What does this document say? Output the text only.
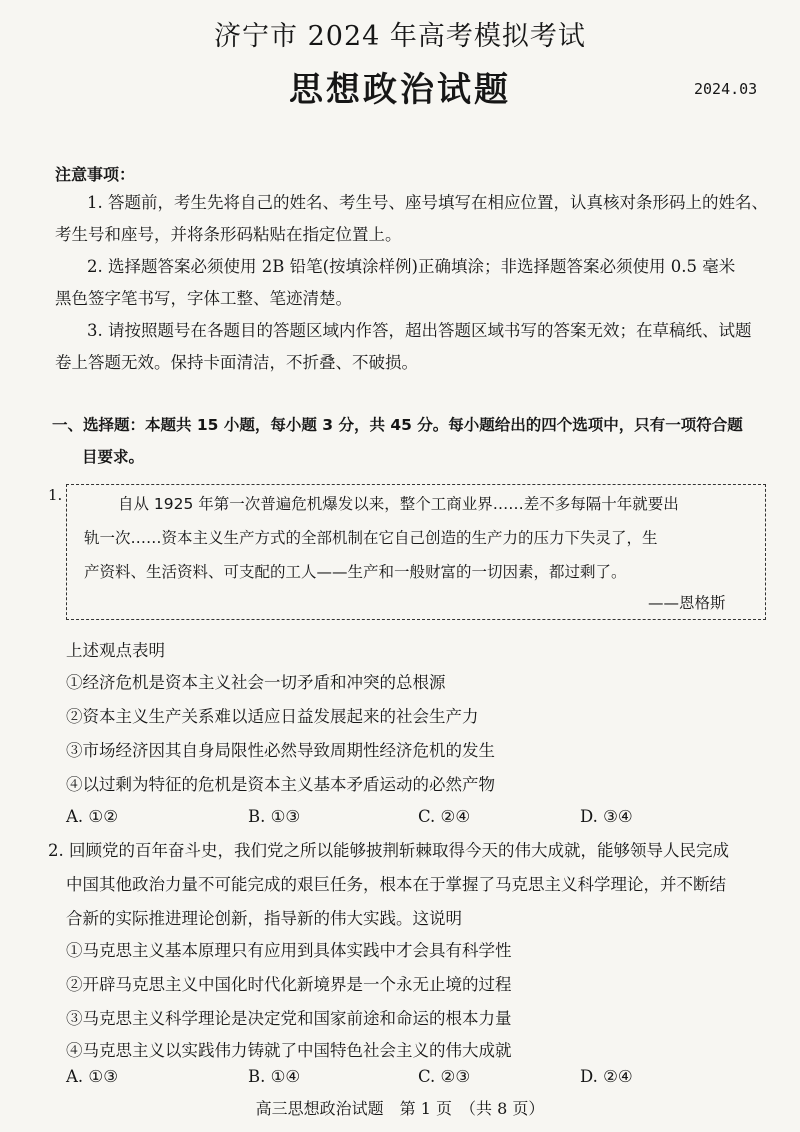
济宁市 2024 年高考模拟考试
思想政治试题	2024.03
注意事项：
1. 答题前，考生先将自己的姓名、考生号、座号填写在相应位置，认真核对条形码上的姓名、
考生号和座号，并将条形码粘贴在指定位置上。
2. 选择题答案必须使用 2B 铅笔(按填涂样例)正确填涂；非选择题答案必须使用 0.5 毫米
黑色签字笔书写，字体工整、笔迹清楚。
3. 请按照题号在各题目的答题区域内作答，超出答题区域书写的答案无效；在草稿纸、试题
卷上答题无效。保持卡面清洁，不折叠、不破损。
一、选择题：本题共 15 小题，每小题 3 分，共 45 分。每小题给出的四个选项中，只有一项符合题
目要求。
1.	自从 1925 年第一次普遍危机爆发以来，整个工商业界……差不多每隔十年就要出
轨一次……资本主义生产方式的全部机制在它自己创造的生产力的压力下失灵了，生
产资料、生活资料、可支配的工人——生产和一般财富的一切因素，都过剩了。
——恩格斯
上述观点表明
①经济危机是资本主义社会一切矛盾和冲突的总根源
②资本主义生产关系难以适应日益发展起来的社会生产力
③市场经济因其自身局限性必然导致周期性经济危机的发生
④以过剩为特征的危机是资本主义基本矛盾运动的必然产物
A. ①②	B. ①③	C. ②④	D. ③④
2. 回顾党的百年奋斗史，我们党之所以能够披荆斩棘取得今天的伟大成就，能够领导人民完成
中国其他政治力量不可能完成的艰巨任务，根本在于掌握了马克思主义科学理论，并不断结
合新的实际推进理论创新，指导新的伟大实践。这说明
①马克思主义基本原理只有应用到具体实践中才会具有科学性
②开辟马克思主义中国化时代化新境界是一个永无止境的过程
③马克思主义科学理论是决定党和国家前途和命运的根本力量
④马克思主义以实践伟力铸就了中国特色社会主义的伟大成就
A. ①③	B. ①④	C. ②③	D. ②④
高三思想政治试题　第 1 页　（共 8 页）
